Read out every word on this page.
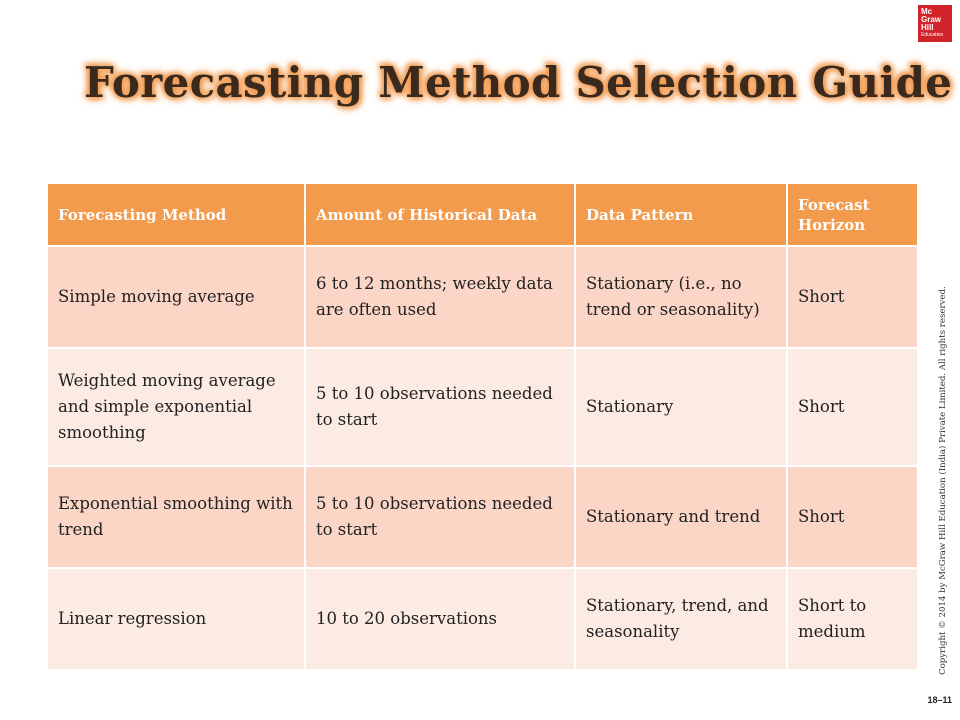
Forecasting Method Selection Guide
Mc
Graw
Hill
Education
Copyright © 2014 by McGraw Hill Education (India) Private Limited. All rights reserved.
18–11
Forecasting Method	Amount of Historical Data	Data Pattern	Forecast Horizon
Simple moving average	6 to 12 months; weekly data are often used	Stationary (i.e., no trend or seasonality)	Short
Weighted moving average and simple exponential smoothing	5 to 10 observations needed to start	Stationary	Short
Exponential smoothing with trend	5 to 10 observations needed to start	Stationary and trend	Short
Linear regression	10 to 20 observations	Stationary, trend, and seasonality	Short to medium
